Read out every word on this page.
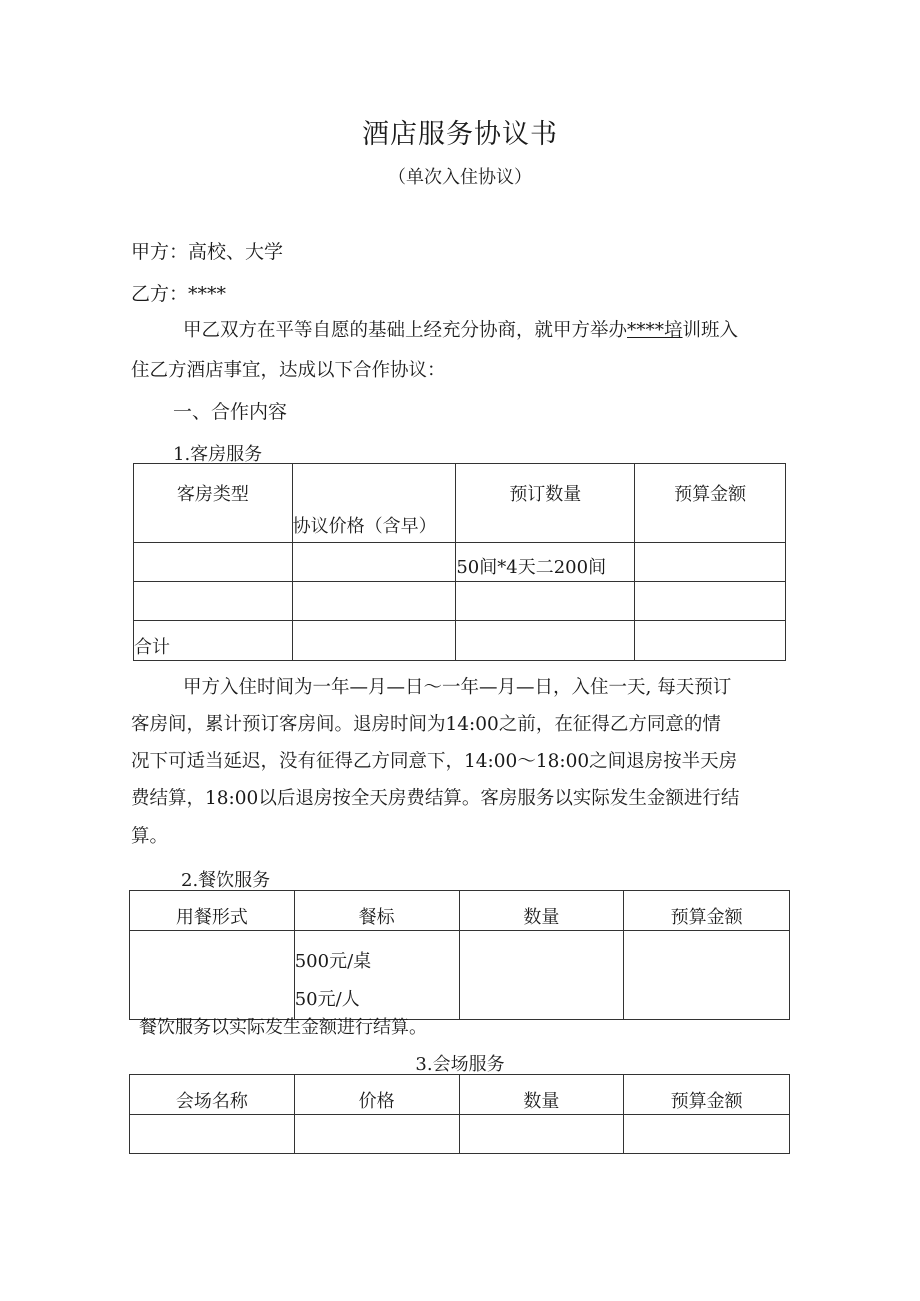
酒店服务协议书
（单次入住协议）
甲方：高校、大学
乙方：****
甲乙双方在平等自愿的基础上经充分协商，就甲方举办****培训班入
住乙方酒店事宜，达成以下合作协议：
一、合作内容
1.客房服务
客房类型	协议价格（含早）	预订数量	预算金额
		50间*4天二200间	

合计			
甲方入住时间为一年—月—日～一年—月—日，入住一天, 每天预订
客房间，累计预订客房间。退房时间为14:00之前，在征得乙方同意的情
况下可适当延迟，没有征得乙方同意下，14:00～18:00之间退房按半天房
费结算，18:00以后退房按全天房费结算。客房服务以实际发生金额进行结
算。
2.餐饮服务
用餐形式	餐标	数量	预算金额

	500元/桌
50元/人		

餐饮服务以实际发生金额进行结算。
3.会场服务
会场名称	价格	数量	预算金额
